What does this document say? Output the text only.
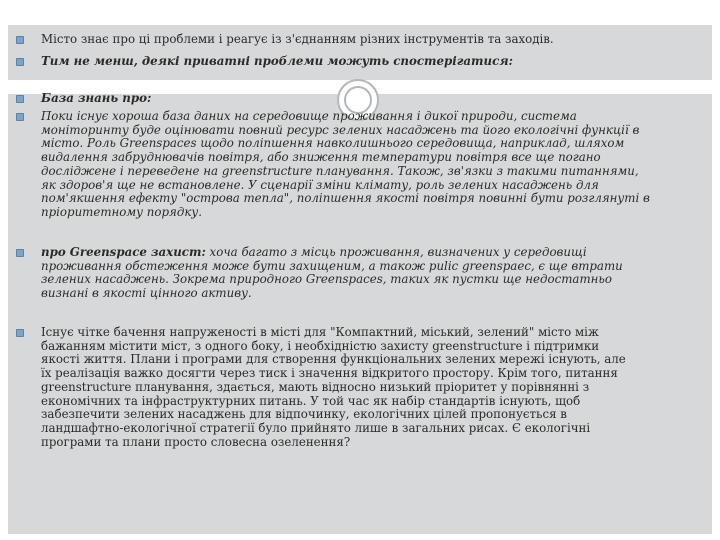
Місто знає про ці проблеми і реагує із з'єднанням різних інструментів та заходів.
Тим не менш, деякі приватні проблеми можуть спостерігатися:
База знань про:
Поки існує хороша база даних на середовище проживання і дикої природи, система
моніторинту буде оцінювати повний ресурс зелених насаджень та його екологічні функції в
місто. Роль Greenspaces щодо поліпшення навколишнього середовища, наприклад, шляхом
видалення забруднювачів повітря, або зниження температури повітря все ще погано
досліджене і переведене на greenstructure планування. Також, зв'язки з такими питаннями,
як здоров'я ще не встановлене. У сценарії зміни клімату, роль зелених насаджень для
пом'якшення ефекту "острова тепла", поліпшення якості повітря повинні бути розглянуті в
пріоритетному порядку.
про Greenspace захист: хоча багато з місць проживання, визначених у середовищі
проживання обстеження може бути захищеним, а також pulic greenspaec, є ще втрати
зелених насаджень. Зокрема природного Greenspaces, таких як пустки ще недостатньо
визнані в якості цінного активу.
Існує чітке бачення напруженості в місті для "Компактний, міський, зелений" місто між
бажанням містити міст, з одного боку, і необхідністю захисту greenstructure і підтримки
якості життя. Плани і програми для створення функціональних зелених мережі існують, але
їх реалізація важко досягти через тиск і значення відкритого простору. Крім того, питання
greenstructure планування, здається, мають відносно низький пріоритет у порівнянні з
економічних та інфраструктурних питань. У той час як набір стандартів існують, щоб
забезпечити зелених насаджень для відпочинку, екологічних цілей пропонується в
ландшафтно-екологічної стратегії було прийнято лише в загальних рисах. Є екологічні
програми та плани просто словесна озеленення?
